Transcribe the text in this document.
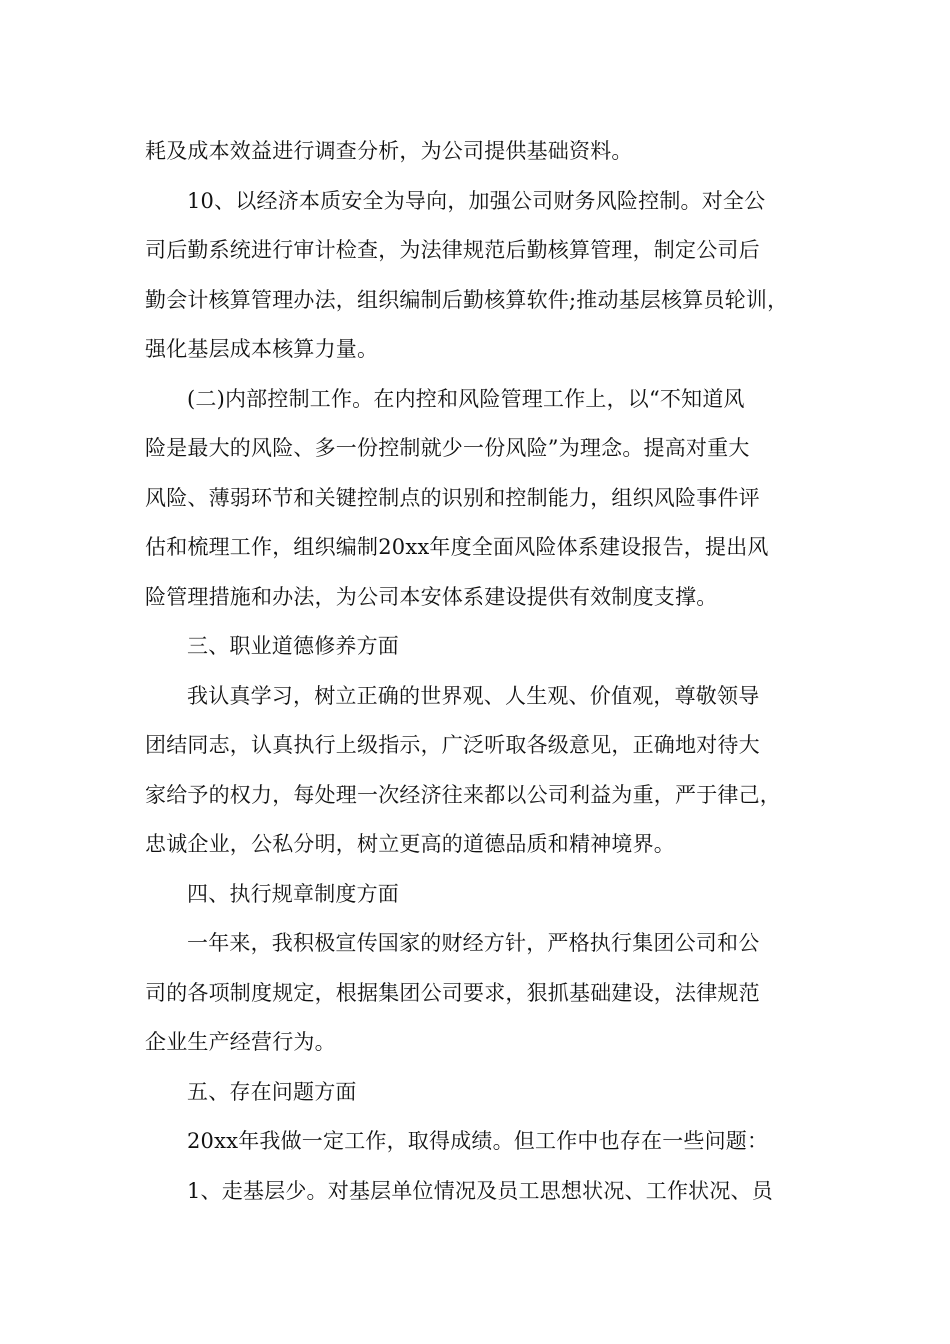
耗及成本效益进行调查分析，为公司提供基础资料。
10、以经济本质安全为导向，加强公司财务风险控制。对全公
司后勤系统进行审计检查，为法律规范后勤核算管理，制定公司后
勤会计核算管理办法，组织编制后勤核算软件;推动基层核算员轮训，
强化基层成本核算力量。
(二)内部控制工作。在内控和风险管理工作上，以“不知道风
险是最大的风险、多一份控制就少一份风险”为理念。提高对重大
风险、薄弱环节和关键控制点的识别和控制能力，组织风险事件评
估和梳理工作，组织编制20xx年度全面风险体系建设报告，提出风
险管理措施和办法，为公司本安体系建设提供有效制度支撑。
三、职业道德修养方面
我认真学习，树立正确的世界观、人生观、价值观，尊敬领导
团结同志，认真执行上级指示，广泛听取各级意见，正确地对待大
家给予的权力，每处理一次经济往来都以公司利益为重，严于律己，
忠诚企业，公私分明，树立更高的道德品质和精神境界。
四、执行规章制度方面
一年来，我积极宣传国家的财经方针，严格执行集团公司和公
司的各项制度规定，根据集团公司要求，狠抓基础建设，法律规范
企业生产经营行为。
五、存在问题方面
20xx年我做一定工作，取得成绩。但工作中也存在一些问题：
1、走基层少。对基层单位情况及员工思想状况、工作状况、员
